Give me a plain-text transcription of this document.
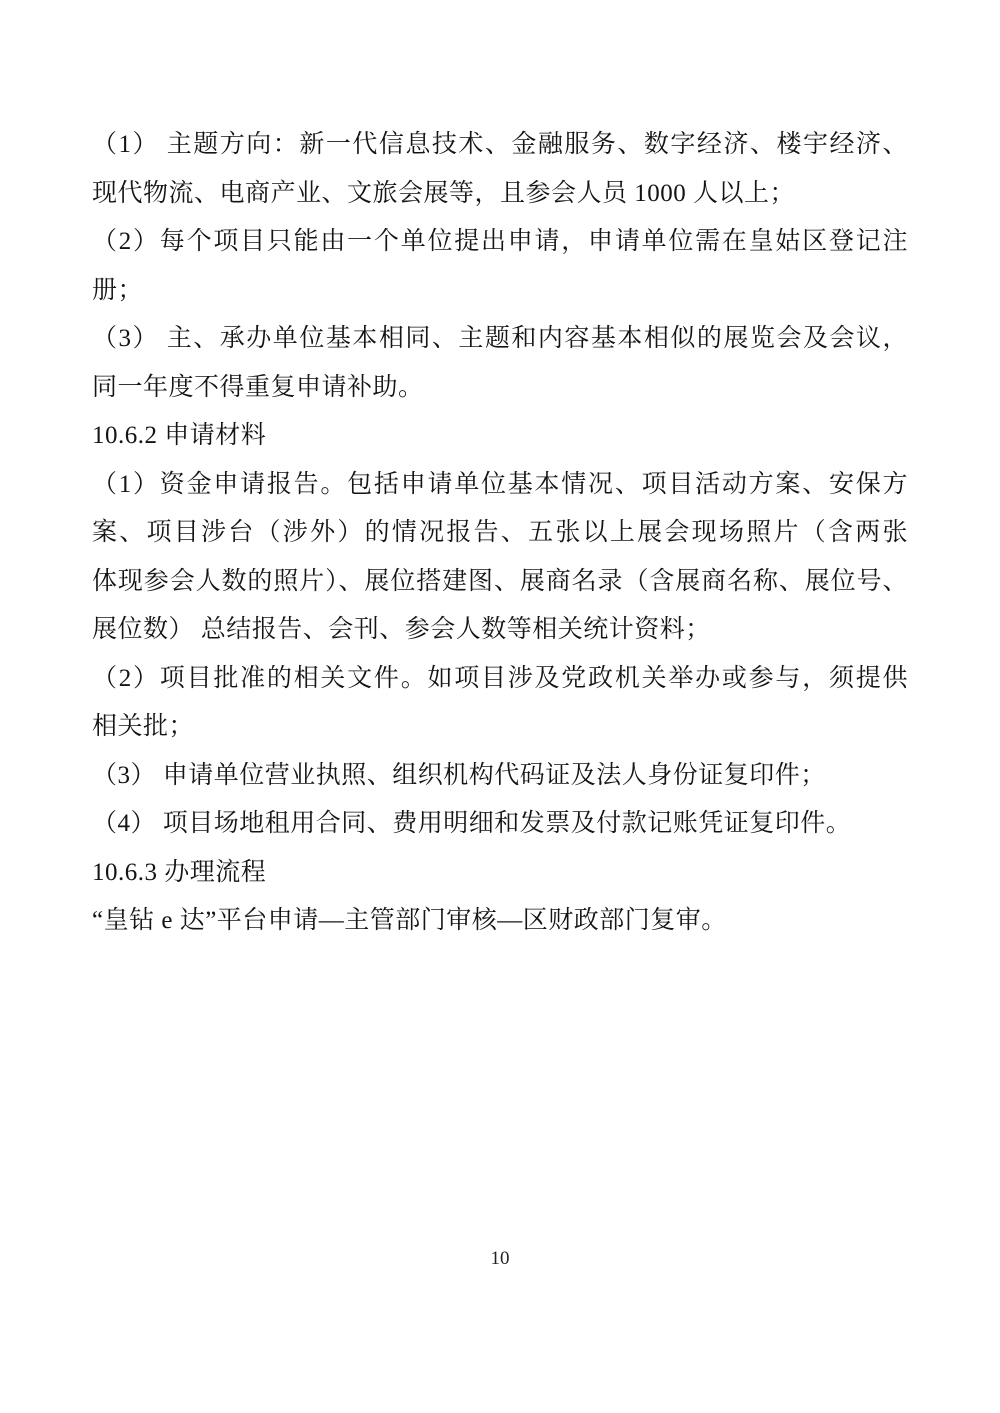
（1） 主题方向：新一代信息技术、金融服务、数字经济、楼宇经济、
现代物流、电商产业、文旅会展等，且参会人员 1000 人以上；
（2）每个项目只能由一个单位提出申请，申请单位需在皇姑区登记注
册；
（3） 主、承办单位基本相同、主题和内容基本相似的展览会及会议，
同一年度不得重复申请补助。
10.6.2 申请材料
（1）资金申请报告。包括申请单位基本情况、项目活动方案、安保方
案、项目涉台（涉外）的情况报告、五张以上展会现场照片（含两张
体现参会人数的照片）、展位搭建图、展商名录（含展商名称、展位号、
展位数） 总结报告、会刊、参会人数等相关统计资料；
（2）项目批准的相关文件。如项目涉及党政机关举办或参与，须提供
相关批；
（3） 申请单位营业执照、组织机构代码证及法人身份证复印件；
（4） 项目场地租用合同、费用明细和发票及付款记账凭证复印件。
10.6.3 办理流程
“皇钻 e 达”平台申请—主管部门审核—区财政部门复审。
10
